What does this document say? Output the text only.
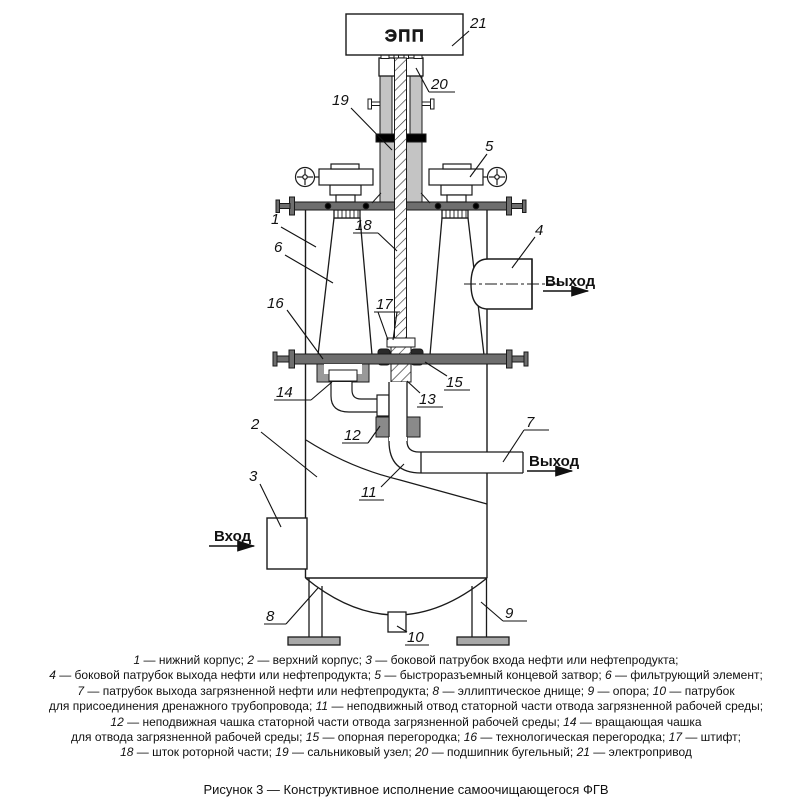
ЭПП
Выход
Выход
Вход
21
20
19
5
1
6
18	4
16	17
15
13
14
12
2	7
11
3
8	9
10
1 — нижний корпус; 2 — верхний корпус; 3 — боковой патрубок входа нефти или нефтепродукта;
4 — боковой патрубок выхода нефти или нефтепродукта; 5 — быстроразъемный концевой затвор; 6 — фильтрующий элемент;
7 — патрубок выхода загрязненной нефти или нефтепродукта; 8 — эллиптическое днище; 9 — опора; 10 — патрубок
для присоединения дренажного трубопровода; 11 — неподвижный отвод статорной части отвода загрязненной рабочей среды;
12 — неподвижная чашка статорной части отвода загрязненной рабочей среды; 14 — вращающая чашка
для отвода загрязненной рабочей среды; 15 — опорная перегородка; 16 — технологическая перегородка; 17 — штифт;
18 — шток роторной части; 19 — сальниковый узел; 20 — подшипник бугельный; 21 — электропривод
Рисунок 3 — Конструктивное исполнение самоочищающегося ФГВ
